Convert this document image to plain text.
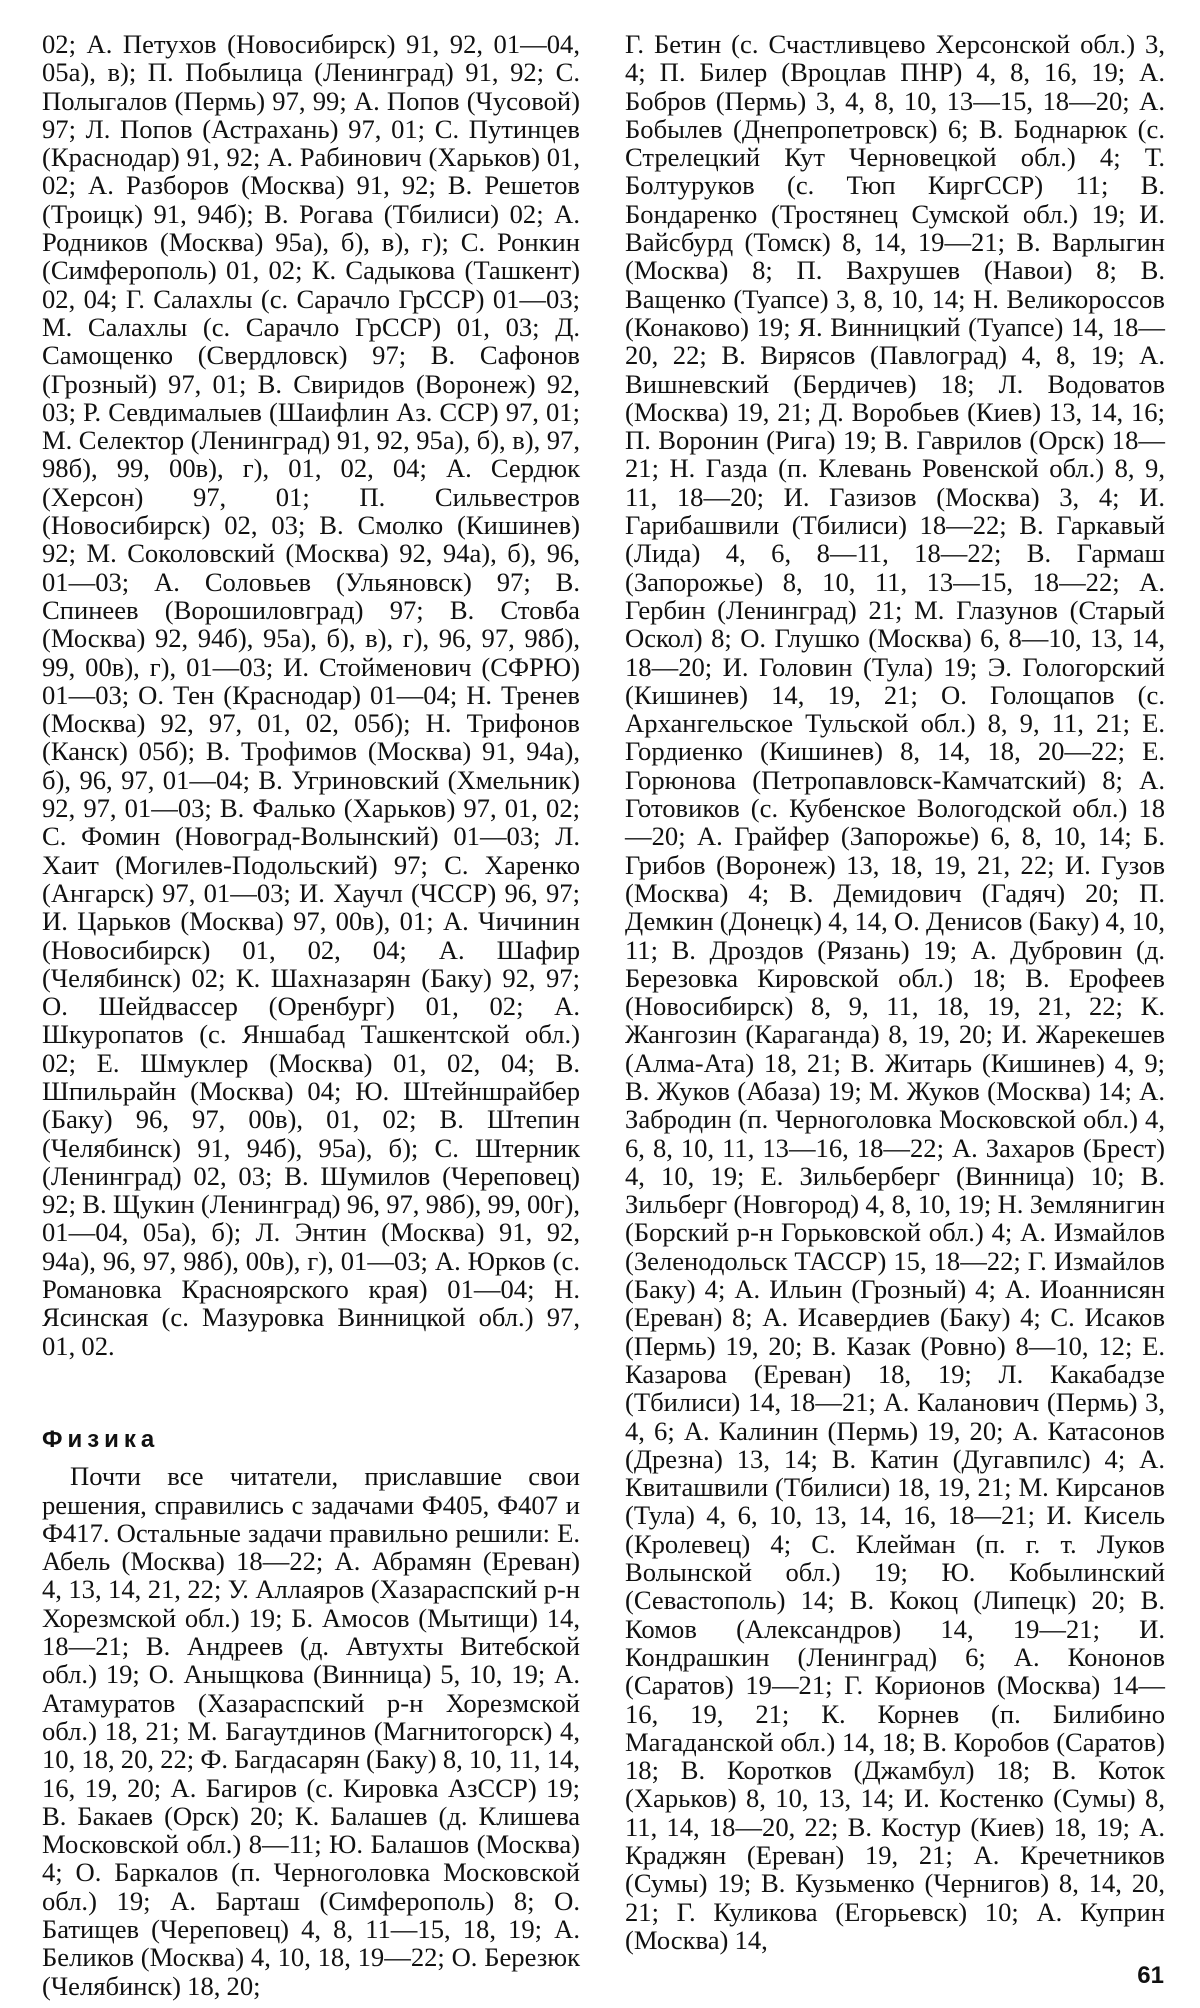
02; А. Петухов (Новосибирск) 91, 92, 01—04, 05а), в); П. Побылица (Ленинград) 91, 92; С. Полыгалов (Пермь) 97, 99; А. Попов (Чусовой) 97; Л. Попов (Астрахань) 97, 01; С. Путинцев (Краснодар) 91, 92; А. Рабинович (Харьков) 01, 02; А. Разборов (Москва) 91, 92; В. Решетов (Троицк) 91, 94б); В. Рогава (Тбилиси) 02; А. Родников (Москва) 95а), б), в), г); С. Ронкин (Симферополь) 01, 02; К. Садыкова (Ташкент) 02, 04; Г. Салахлы (с. Сарачло ГрССР) 01—03; М. Салахлы (с. Сарачло ГрССР) 01, 03; Д. Самощенко (Свердловск) 97; В. Сафонов (Грозный) 97, 01; В. Свиридов (Воронеж) 92, 03; Р. Севдималыев (Шаифлин Аз. ССР) 97, 01; М. Селектор (Ленинград) 91, 92, 95а), б), в), 97, 98б), 99, 00в), г), 01, 02, 04; А. Сердюк (Херсон) 97, 01; П. Сильвестров (Новосибирск) 02, 03; В. Смолко (Кишинев) 92; М. Соколовский (Москва) 92, 94а), б), 96, 01—03; А. Соловьев (Ульяновск) 97; В. Спинеев (Ворошиловград) 97; В. Стовба (Москва) 92, 94б), 95а), б), в), г), 96, 97, 98б), 99, 00в), г), 01—03; И. Стойменович (СФРЮ) 01—03; О. Тен (Краснодар) 01—04; Н. Тренев (Москва) 92, 97, 01, 02, 05б); Н. Трифонов (Канск) 05б); В. Трофимов (Москва) 91, 94а), б), 96, 97, 01—04; В. Угриновский (Хмельник) 92, 97, 01—03; В. Фалько (Харьков) 97, 01, 02; С. Фомин (Новоград-Волынский) 01—03; Л. Хаит (Могилев-Подольский) 97; С. Харенко (Ангарск) 97, 01—03; И. Хаучл (ЧССР) 96, 97; И. Царьков (Москва) 97, 00в), 01; А. Чичинин (Новосибирск) 01, 02, 04; А. Шафир (Челябинск) 02; К. Шахназарян (Баку) 92, 97; О. Шейдвассер (Оренбург) 01, 02; А. Шкуропатов (с. Яншабад Ташкентской обл.) 02; Е. Шмуклер (Москва) 01, 02, 04; В. Шпильрайн (Москва) 04; Ю. Штейншрайбер (Баку) 96, 97, 00в), 01, 02; В. Штепин (Челябинск) 91, 94б), 95а), б); С. Штерник (Ленинград) 02, 03; В. Шумилов (Череповец) 92; В. Щукин (Ленинград) 96, 97, 98б), 99, 00г), 01—04, 05а), б); Л. Энтин (Москва) 91, 92, 94а), 96, 97, 98б), 00в), г), 01—03; А. Юрков (с. Романовка Красноярского края) 01—04; Н. Ясинская (с. Мазуровка Винницкой обл.) 97, 01, 02.

Физика

Почти все читатели, приславшие свои решения, справились с задачами Ф405, Ф407 и Ф417. Остальные задачи правильно решили: Е. Абель (Москва) 18—22; А. Абрамян (Ереван) 4, 13, 14, 21, 22; У. Аллаяров (Хазараспский р-н Хорезмской обл.) 19; Б. Амосов (Мытищи) 14, 18—21; В. Андреев (д. Автухты Витебской обл.) 19; О. Аныщкова (Винница) 5, 10, 19; А. Атамуратов (Хазараспский р-н Хорезмской обл.) 18, 21; М. Багаутдинов (Магнитогорск) 4, 10, 18, 20, 22; Ф. Багдасарян (Баку) 8, 10, 11, 14, 16, 19, 20; А. Багиров (с. Кировка АзССР) 19; В. Бакаев (Орск) 20; К. Балашев (д. Клишева Московской обл.) 8—11; Ю. Балашов (Москва) 4; О. Баркалов (п. Черноголовка Московской обл.) 19; А. Барташ (Симферополь) 8; О. Батищев (Череповец) 4, 8, 11—15, 18, 19; А. Беликов (Москва) 4, 10, 18, 19—22; О. Березюк (Челябинск) 18, 20;

Г. Бетин (с. Счастливцево Херсонской обл.) 3, 4; П. Билер (Вроцлав ПНР) 4, 8, 16, 19; А. Бобров (Пермь) 3, 4, 8, 10, 13—15, 18—20; А. Бобылев (Днепропетровск) 6; В. Боднарюк (с. Стрелецкий Кут Черновецкой обл.) 4; Т. Болтуруков (с. Тюп КиргССР) 11; В. Бондаренко (Тростянец Сумской обл.) 19; И. Вайсбурд (Томск) 8, 14, 19—21; В. Варлыгин (Москва) 8; П. Вахрушев (Навои) 8; В. Ващенко (Туапсе) 3, 8, 10, 14; Н. Великороссов (Конаково) 19; Я. Винницкий (Туапсе) 14, 18—20, 22; В. Вирясов (Павлоград) 4, 8, 19; А. Вишневский (Бердичев) 18; Л. Водоватов (Москва) 19, 21; Д. Воробьев (Киев) 13, 14, 16; П. Воронин (Рига) 19; В. Гаврилов (Орск) 18—21; Н. Газда (п. Клевань Ровенской обл.) 8, 9, 11, 18—20; И. Газизов (Москва) 3, 4; И. Гарибашвили (Тбилиси) 18—22; В. Гаркавый (Лида) 4, 6, 8—11, 18—22; В. Гармаш (Запорожье) 8, 10, 11, 13—15, 18—22; А. Гербин (Ленинград) 21; М. Глазунов (Старый Оскол) 8; О. Глушко (Москва) 6, 8—10, 13, 14, 18—20; И. Головин (Тула) 19; Э. Гологорский (Кишинев) 14, 19, 21; О. Голощапов (с. Архангельское Тульской обл.) 8, 9, 11, 21; Е. Гордиенко (Кишинев) 8, 14, 18, 20—22; Е. Горюнова (Петропавловск-Камчатский) 8; А. Готовиков (с. Кубенское Вологодской обл.) 18—20; А. Грайфер (Запорожье) 6, 8, 10, 14; Б. Грибов (Воронеж) 13, 18, 19, 21, 22; И. Гузов (Москва) 4; В. Демидович (Гадяч) 20; П. Демкин (Донецк) 4, 14, О. Денисов (Баку) 4, 10, 11; В. Дроздов (Рязань) 19; А. Дубровин (д. Березовка Кировской обл.) 18; В. Ерофеев (Новосибирск) 8, 9, 11, 18, 19, 21, 22; К. Жангозин (Караганда) 8, 19, 20; И. Жарекешев (Алма-Ата) 18, 21; В. Житарь (Кишинев) 4, 9; В. Жуков (Абаза) 19; М. Жуков (Москва) 14; А. Забродин (п. Черноголовка Московской обл.) 4, 6, 8, 10, 11, 13—16, 18—22; А. Захаров (Брест) 4, 10, 19; Е. Зильберберг (Винница) 10; В. Зильберг (Новгород) 4, 8, 10, 19; Н. Землянигин (Борский р-н Горьковской обл.) 4; А. Измайлов (Зеленодольск ТАССР) 15, 18—22; Г. Измайлов (Баку) 4; А. Ильин (Грозный) 4; А. Иоаннисян (Ереван) 8; А. Исавердиев (Баку) 4; С. Исаков (Пермь) 19, 20; В. Казак (Ровно) 8—10, 12; Е. Казарова (Ереван) 18, 19; Л. Какабадзе (Тбилиси) 14, 18—21; А. Каланович (Пермь) 3, 4, 6; А. Калинин (Пермь) 19, 20; А. Катасонов (Дрезна) 13, 14; В. Катин (Дугавпилс) 4; А. Квиташвили (Тбилиси) 18, 19, 21; М. Кирсанов (Тула) 4, 6, 10, 13, 14, 16, 18—21; И. Кисель (Кролевец) 4; С. Клейман (п. г. т. Луков Волынской обл.) 19; Ю. Кобылинский (Севастополь) 14; В. Кокоц (Липецк) 20; В. Комов (Александров) 14, 19—21; И. Кондрашкин (Ленинград) 6; А. Кононов (Саратов) 19—21; Г. Корионов (Москва) 14—16, 19, 21; К. Корнев (п. Билибино Магаданской обл.) 14, 18; В. Коробов (Саратов) 18; В. Коротков (Джамбул) 18; В. Коток (Харьков) 8, 10, 13, 14; И. Костенко (Сумы) 8, 11, 14, 18—20, 22; В. Костур (Киев) 18, 19; А. Краджян (Ереван) 19, 21; А. Кречетников (Сумы) 19; В. Кузьменко (Чернигов) 8, 14, 20, 21; Г. Куликова (Егорьевск) 10; А. Куприн (Москва) 14,

61
